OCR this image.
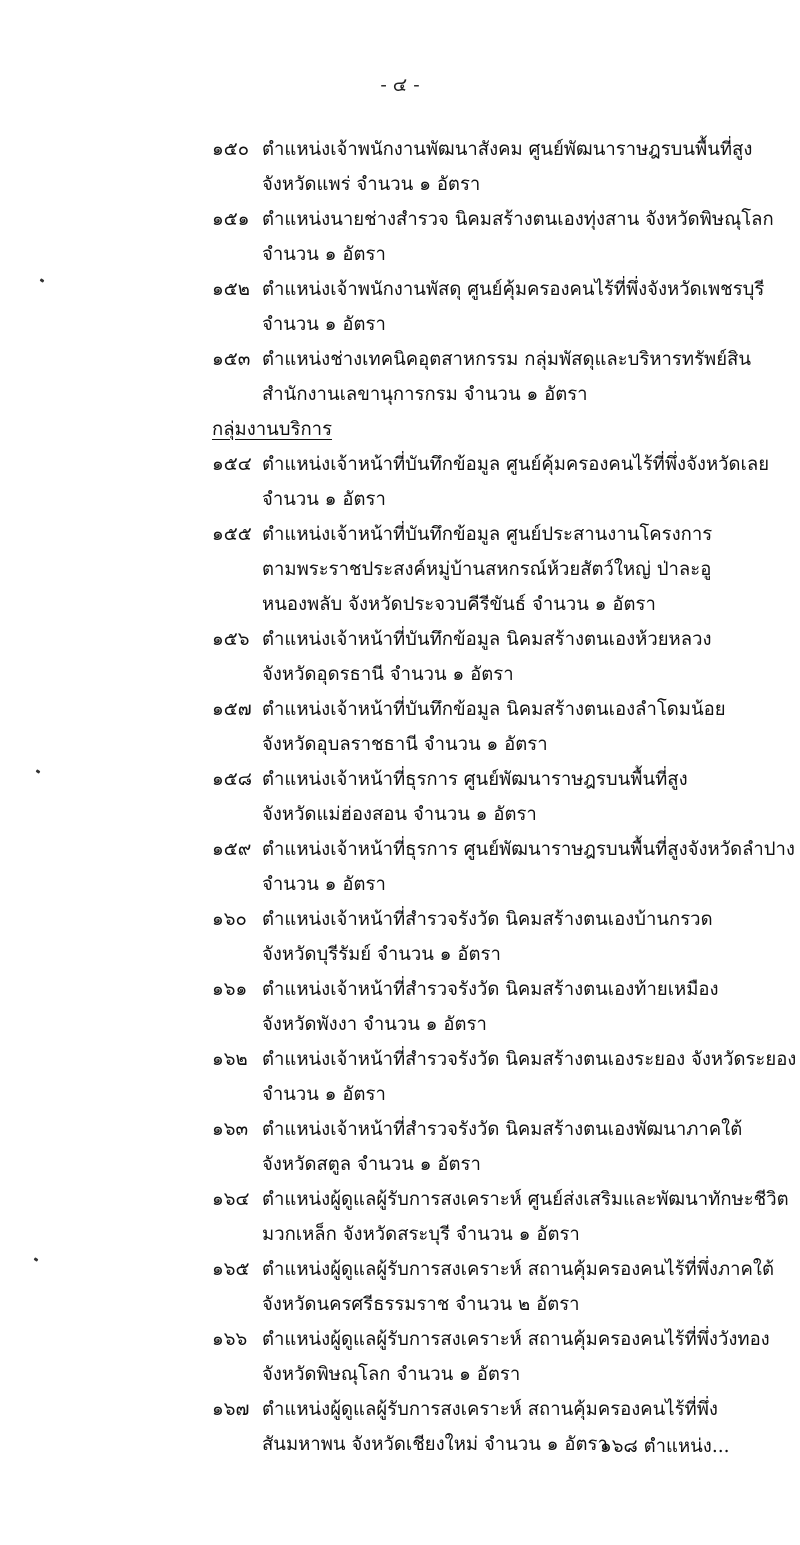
- ๔ -
๑๕๐ ตำแหน่งเจ้าพนักงานพัฒนาสังคม ศูนย์พัฒนาราษฎรบนพื้นที่สูง
จังหวัดแพร่ จำนวน ๑ อัตรา
๑๕๑ ตำแหน่งนายช่างสำรวจ นิคมสร้างตนเองทุ่งสาน จังหวัดพิษณุโลก
จำนวน ๑ อัตรา
๑๕๒ ตำแหน่งเจ้าพนักงานพัสดุ ศูนย์คุ้มครองคนไร้ที่พึ่งจังหวัดเพชรบุรี
จำนวน ๑ อัตรา
๑๕๓ ตำแหน่งช่างเทคนิคอุตสาหกรรม กลุ่มพัสดุและบริหารทรัพย์สิน
สำนักงานเลขานุการกรม จำนวน ๑ อัตรา
กลุ่มงานบริการ
๑๕๔ ตำแหน่งเจ้าหน้าที่บันทึกข้อมูล ศูนย์คุ้มครองคนไร้ที่พึ่งจังหวัดเลย
จำนวน ๑ อัตรา
๑๕๕ ตำแหน่งเจ้าหน้าที่บันทึกข้อมูล ศูนย์ประสานงานโครงการ
ตามพระราชประสงค์หมู่บ้านสหกรณ์ห้วยสัตว์ใหญ่ ป่าละอู
หนองพลับ จังหวัดประจวบคีรีขันธ์ จำนวน ๑ อัตรา
๑๕๖ ตำแหน่งเจ้าหน้าที่บันทึกข้อมูล นิคมสร้างตนเองห้วยหลวง
จังหวัดอุดรธานี จำนวน ๑ อัตรา
๑๕๗ ตำแหน่งเจ้าหน้าที่บันทึกข้อมูล นิคมสร้างตนเองลำโดมน้อย
จังหวัดอุบลราชธานี จำนวน ๑ อัตรา
๑๕๘ ตำแหน่งเจ้าหน้าที่ธุรการ ศูนย์พัฒนาราษฎรบนพื้นที่สูง
จังหวัดแม่ฮ่องสอน จำนวน ๑ อัตรา
๑๕๙ ตำแหน่งเจ้าหน้าที่ธุรการ ศูนย์พัฒนาราษฎรบนพื้นที่สูงจังหวัดลำปาง
จำนวน ๑ อัตรา
๑๖๐ ตำแหน่งเจ้าหน้าที่สำรวจรังวัด นิคมสร้างตนเองบ้านกรวด
จังหวัดบุรีรัมย์ จำนวน ๑ อัตรา
๑๖๑ ตำแหน่งเจ้าหน้าที่สำรวจรังวัด นิคมสร้างตนเองท้ายเหมือง
จังหวัดพังงา จำนวน ๑ อัตรา
๑๖๒ ตำแหน่งเจ้าหน้าที่สำรวจรังวัด นิคมสร้างตนเองระยอง จังหวัดระยอง
จำนวน ๑ อัตรา
๑๖๓ ตำแหน่งเจ้าหน้าที่สำรวจรังวัด นิคมสร้างตนเองพัฒนาภาคใต้
จังหวัดสตูล จำนวน ๑ อัตรา
๑๖๔ ตำแหน่งผู้ดูแลผู้รับการสงเคราะห์ ศูนย์ส่งเสริมและพัฒนาทักษะชีวิต
มวกเหล็ก จังหวัดสระบุรี จำนวน ๑ อัตรา
๑๖๕ ตำแหน่งผู้ดูแลผู้รับการสงเคราะห์ สถานคุ้มครองคนไร้ที่พึ่งภาคใต้
จังหวัดนครศรีธรรมราช จำนวน ๒ อัตรา
๑๖๖ ตำแหน่งผู้ดูแลผู้รับการสงเคราะห์ สถานคุ้มครองคนไร้ที่พึ่งวังทอง
จังหวัดพิษณุโลก จำนวน ๑ อัตรา
๑๖๗ ตำแหน่งผู้ดูแลผู้รับการสงเคราะห์ สถานคุ้มครองคนไร้ที่พึ่ง
สันมหาพน จังหวัดเชียงใหม่ จำนวน ๑ อัตรา
๑๖๘ ตำแหน่ง...
